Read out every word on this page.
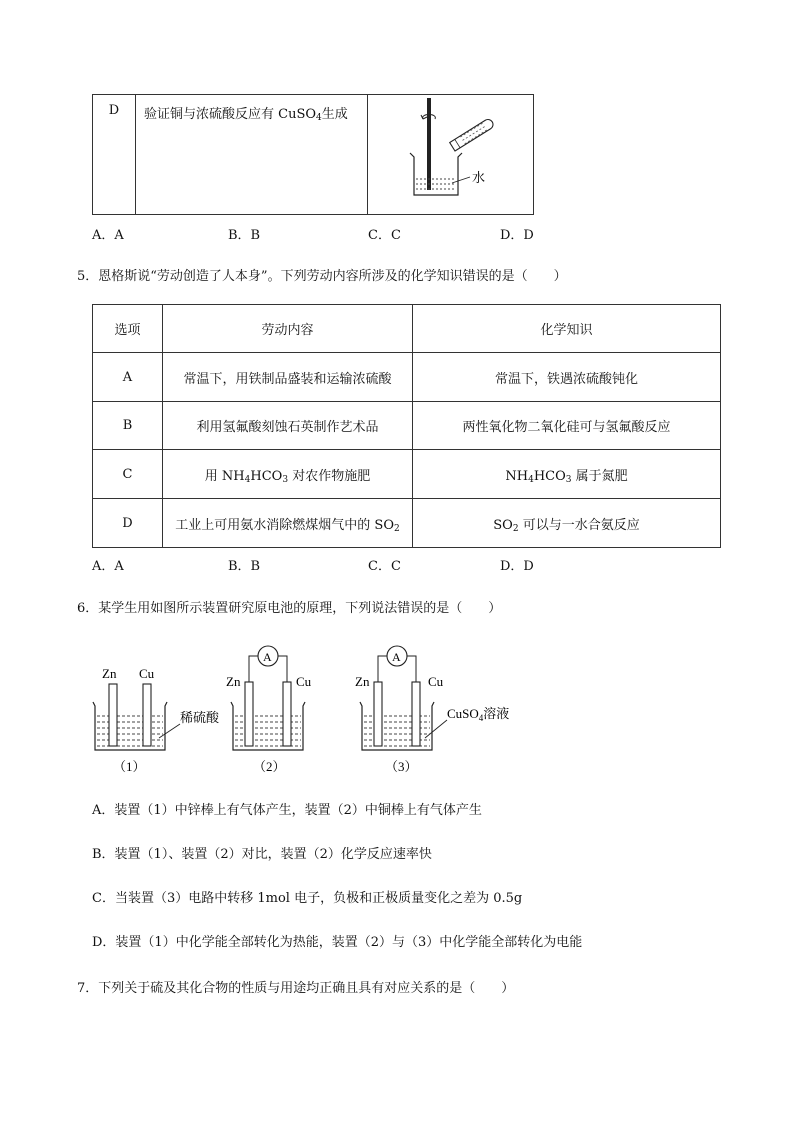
D	验证铜与浓硫酸反应有 CuSO$_4$生成	
水
A．A	B．B	C．C	D．D
5．恩格斯说“劳动创造了人本身”。下列劳动内容所涉及的化学知识错误的是（　　）
选项	劳动内容	化学知识
A	常温下，用铁制品盛装和运输浓硫酸	常温下，铁遇浓硫酸钝化
B	利用氢氟酸刻蚀石英制作艺术品	两性氧化物二氧化硅可与氢氟酸反应
C	用 $NH_4HCO_3$ 对农作物施肥	$NH_4HCO_3$ 属于氮肥
D	工业上可用氨水消除燃煤烟气中的 $SO_2$	$SO_2$ 可以与一水合氨反应
A．A	B．B	C．C	D．D
6．某学生用如图所示装置研究原电池的原理，下列说法错误的是（　　）
Zn Cu
稀硫酸
（1）
A
Zn	Cu
（2）
A
Zn	Cu
CuSO$_4$溶液
（3）
A．装置（1）中锌棒上有气体产生，装置（2）中铜棒上有气体产生
B．装置（1）、装置（2）对比，装置（2）化学反应速率快
C．当装置（3）电路中转移 1mol 电子，负极和正极质量变化之差为 0.5g
D．装置（1）中化学能全部转化为热能，装置（2）与（3）中化学能全部转化为电能
7．下列关于硫及其化合物的性质与用途均正确且具有对应关系的是（　　）
